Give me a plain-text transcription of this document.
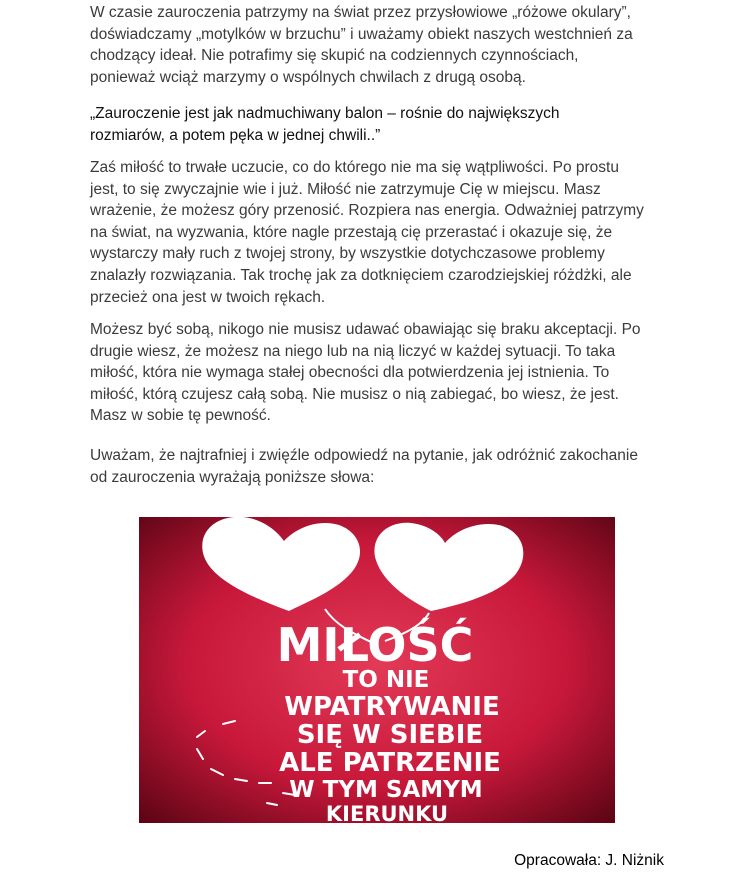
W czasie zauroczenia patrzymy na świat przez przysłowiowe „różowe okulary”,
doświadczamy „motylków w brzuchu” i uważamy obiekt naszych westchnień za
chodzący ideał. Nie potrafimy się skupić na codziennych czynnościach,
ponieważ wciąż marzymy o wspólnych chwilach z drugą osobą.
„Zauroczenie jest jak nadmuchiwany balon – rośnie do największych
rozmiarów, a potem pęka w jednej chwili..”
Zaś miłość to trwałe uczucie, co do którego nie ma się wątpliwości. Po prostu
jest, to się zwyczajnie wie i już. Miłość nie zatrzymuje Cię w miejscu. Masz
wrażenie, że możesz góry przenosić. Rozpiera nas energia. Odważniej patrzymy
na świat, na wyzwania, które nagle przestają cię przerastać i okazuje się, że
wystarczy mały ruch z twojej strony, by wszystkie dotychczasowe problemy
znalazły rozwiązania. Tak trochę jak za dotknięciem czarodziejskiej różdżki, ale
przecież ona jest w twoich rękach.
Możesz być sobą, nikogo nie musisz udawać obawiając się braku akceptacji. Po
drugie wiesz, że możesz na niego lub na nią liczyć w każdej sytuacji. To taka
miłość, która nie wymaga stałej obecności dla potwierdzenia jej istnienia. To
miłość, którą czujesz całą sobą. Nie musisz o nią zabiegać, bo wiesz, że jest.
Masz w sobie tę pewność.
Uważam, że najtrafniej i zwięźle odpowiedź na pytanie, jak odróżnić zakochanie
od zauroczenia wyrażają poniższe słowa:
MIŁOŚĆ
TO NIE
WPATRYWANIE
SIĘ W SIEBIE
ALE PATRZENIE
W TYM SAMYM
KIERUNKU

Opracowała: J. Niżnik
